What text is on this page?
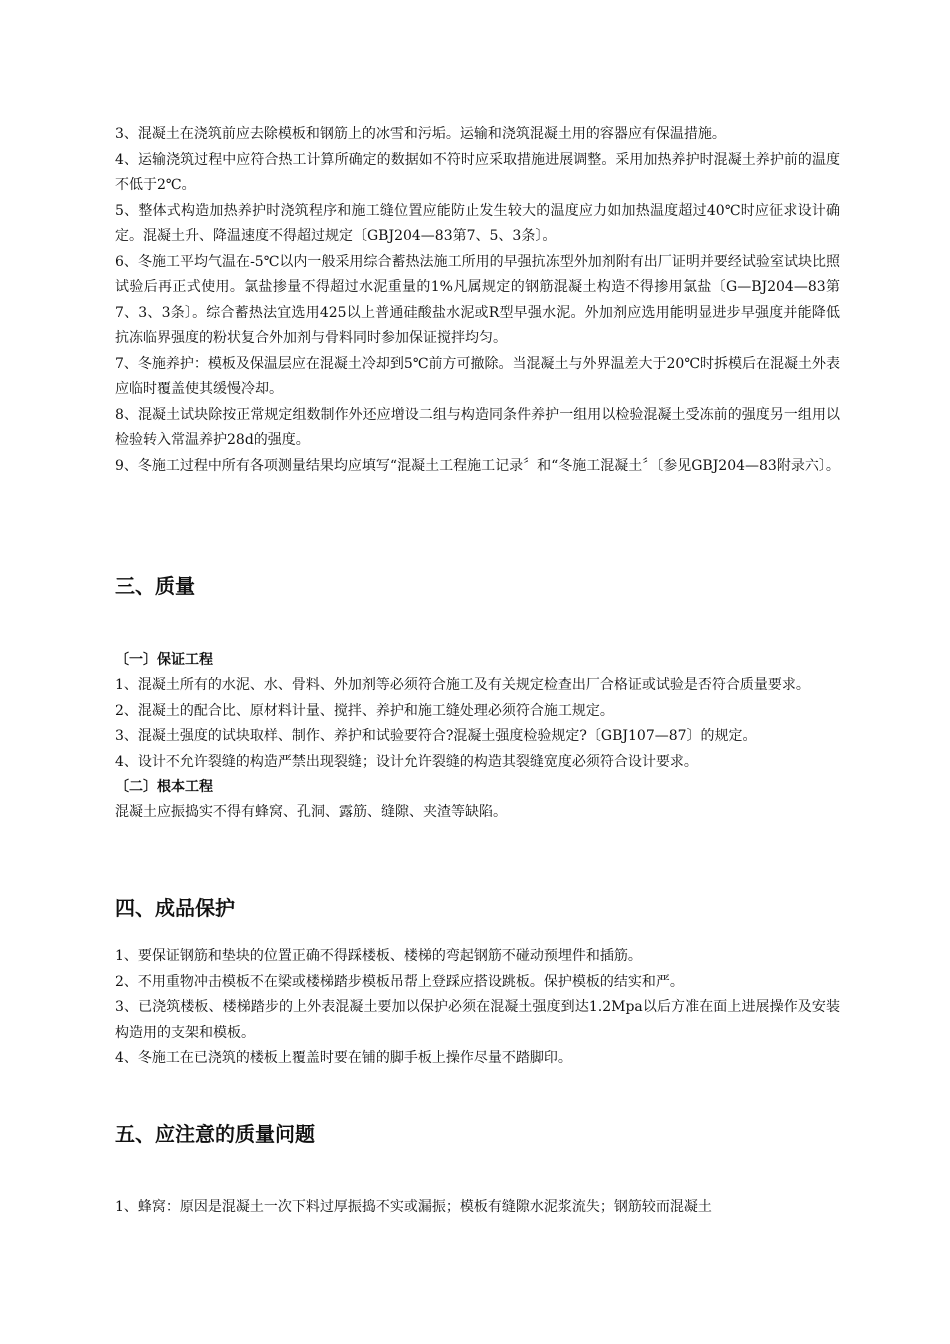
3、混凝土在浇筑前应去除模板和钢筋上的冰雪和污垢。运输和浇筑混凝土用的容器应有保温措施。

4、运输浇筑过程中应符合热工计算所确定的数据如不符时应采取措施进展调整。采用加热养护时混凝土养护前的温度不低于2℃。

5、整体式构造加热养护时浇筑程序和施工缝位置应能防止发生较大的温度应力如加热温度超过40℃时应征求设计确定。混凝土升、降温速度不得超过规定〔GBJ204—83第7、5、3条〕。

6、冬施工平均气温在-5℃以内一般采用综合蓄热法施工所用的早强抗冻型外加剂附有出厂证明并要经试验室试块比照试验后再正式使用。氯盐掺量不得超过水泥重量的1%凡属规定的钢筋混凝土构造不得掺用氯盐〔G—BJ204—83第7、3、3条〕。综合蓄热法宜选用425以上普通硅酸盐水泥或R型早强水泥。外加剂应选用能明显进步早强度并能降低抗冻临界强度的粉状复合外加剂与骨料同时参加保证搅拌均匀。

7、冬施养护：模板及保温层应在混凝土冷却到5℃前方可撤除。当混凝土与外界温差大于20℃时拆模后在混凝土外表应临时覆盖使其缓慢冷却。

8、混凝土试块除按正常规定组数制作外还应增设二组与构造同条件养护一组用以检验混凝土受冻前的强度另一组用以检验转入常温养护28d的强度。

9、冬施工过程中所有各项测量结果均应填写“混凝土工程施工记录〞和“冬施工混凝土〞〔参见GBJ204—83附录六〕。

三、质量
〔一〕保证工程

1、混凝土所有的水泥、水、骨料、外加剂等必须符合施工及有关规定检查出厂合格证或试验是否符合质量要求。

2、混凝土的配合比、原材料计量、搅拌、养护和施工缝处理必须符合施工规定。

3、混凝土强度的试块取样、制作、养护和试验要符合?混凝土强度检验规定?〔GBJ107—87〕的规定。

4、设计不允许裂缝的构造严禁出现裂缝；设计允许裂缝的构造其裂缝宽度必须符合设计要求。

〔二〕根本工程

混凝土应振捣实不得有蜂窝、孔洞、露筋、缝隙、夹渣等缺陷。

四、成品保护

1、要保证钢筋和垫块的位置正确不得踩楼板、楼梯的弯起钢筋不碰动预埋件和插筋。

2、不用重物冲击模板不在梁或楼梯踏步模板吊帮上登踩应搭设跳板。保护模板的结实和严。

3、已浇筑楼板、楼梯踏步的上外表混凝土要加以保护必须在混凝土强度到达1.2Mpa以后方准在面上进展操作及安装构造用的支架和模板。

4、冬施工在已浇筑的楼板上覆盖时要在铺的脚手板上操作尽量不踏脚印。

五、应注意的质量问题

1、蜂窝：原因是混凝土一次下料过厚振捣不实或漏振；模板有缝隙水泥浆流失；钢筋较而混凝土
